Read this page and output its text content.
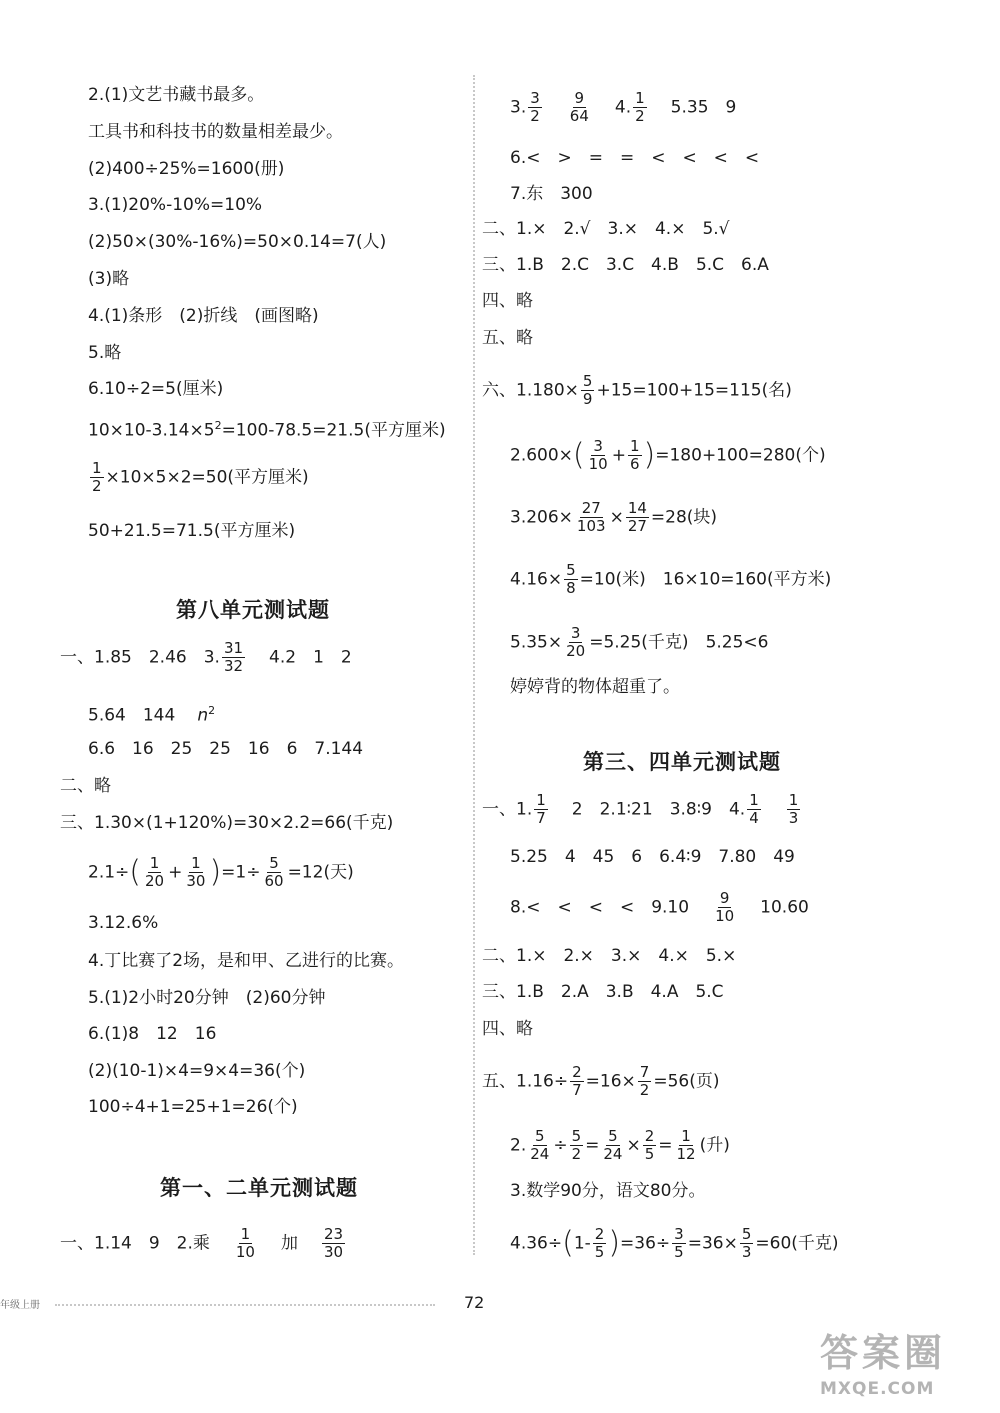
2.(1)文艺书藏书最多。
工具书和科技书的数量相差最少。
(2)400÷25%=1600(册)
3.(1)20%-10%=10%
(2)50×(30%-16%)=50×0.14=7(人)
(3)略
4.(1)条形　(2)折线　(画图略)
5.略
6.10÷2=5(厘米)
$10\times 10-3.14\times 5^2=100-78.5=21.5$(平方厘米)
$\frac{1}{2} \times 10\times 5\times 2=50$(平方厘米)
50+21.5=71.5(平方厘米)
第八单元测试题
一、1.85　2.46　3. $\frac{31}{32} 4.2$　1　2
5.64　144 $n^2$
6.6　16　25　25　16　6　7.144
二、略
三、1.30×(1+120%)=30×2.2=66(千克)
$2.1\div( \frac{1}{20} + \frac{1}{30} )=1\div \frac{5}{60} =12$(天)
3.12.6%
4.丁比赛了2场，是和甲、乙进行的比赛。
5.(1)2小时20分钟　(2)60分钟
6.(1)8　12　16
(2)(10-1)×4=9×4=36(个)
100÷4+1=25+1=26(个)
第一、二单元测试题
一、1.14　9　2.乘 $\frac{1}{10}$ 加 $\frac{23}{30}$
3. $\frac{3}{2} \frac{9}{64} 4$. $\frac{1}{2} 5.35$　9
6.<　>　=　=　<　<　<　<
7.东　300
二、1.×　2.√　3.×　4.×　5.√
三、1.B　2.C　3.C　4.B　5.C　6.A
四、略
五、略
六、$1.180\times \frac{5}{9} +15=100+15=115$(名)
$2.600\times( \frac{3}{10} + \frac{1}{6} )=180+100=280$(个)
$3.206\times \frac{27}{103} \times \frac{14}{27} =28$(块)
$4.16\times \frac{5}{8} =10$(米)　16×10=160(平方米)
$5.35\times \frac{3}{20} =5.25$(千克)　5.25<6
婷婷背的物体超重了。
第三、四单元测试题
一、1. $\frac{1}{7} 2$　2.1∶21　3.8∶9　4. $\frac{1}{4} \frac{1}{3}$
5.25　4　45　6　6.4∶9　7.80　49
8.<　<　<　<　$9.10 \frac{9}{10} 10.60$
二、1.×　2.×　3.×　4.×　5.×
三、1.B　2.A　3.B　4.A　5.C
四、略
五、$1.16\div \frac{2}{7} =16\times \frac{7}{2} =56$(页)
2. $\frac{5}{24} \div \frac{5}{2} = \frac{5}{24} \times \frac{2}{5} = \frac{1}{12}$ (升)
3.数学90分，语文80分。
$4.36\div(1- \frac{2}{5} )=36\div \frac{3}{5} =36\times \frac{5}{3} =60$(千克)
年级上册	72
答案圈
MXQE.COM
